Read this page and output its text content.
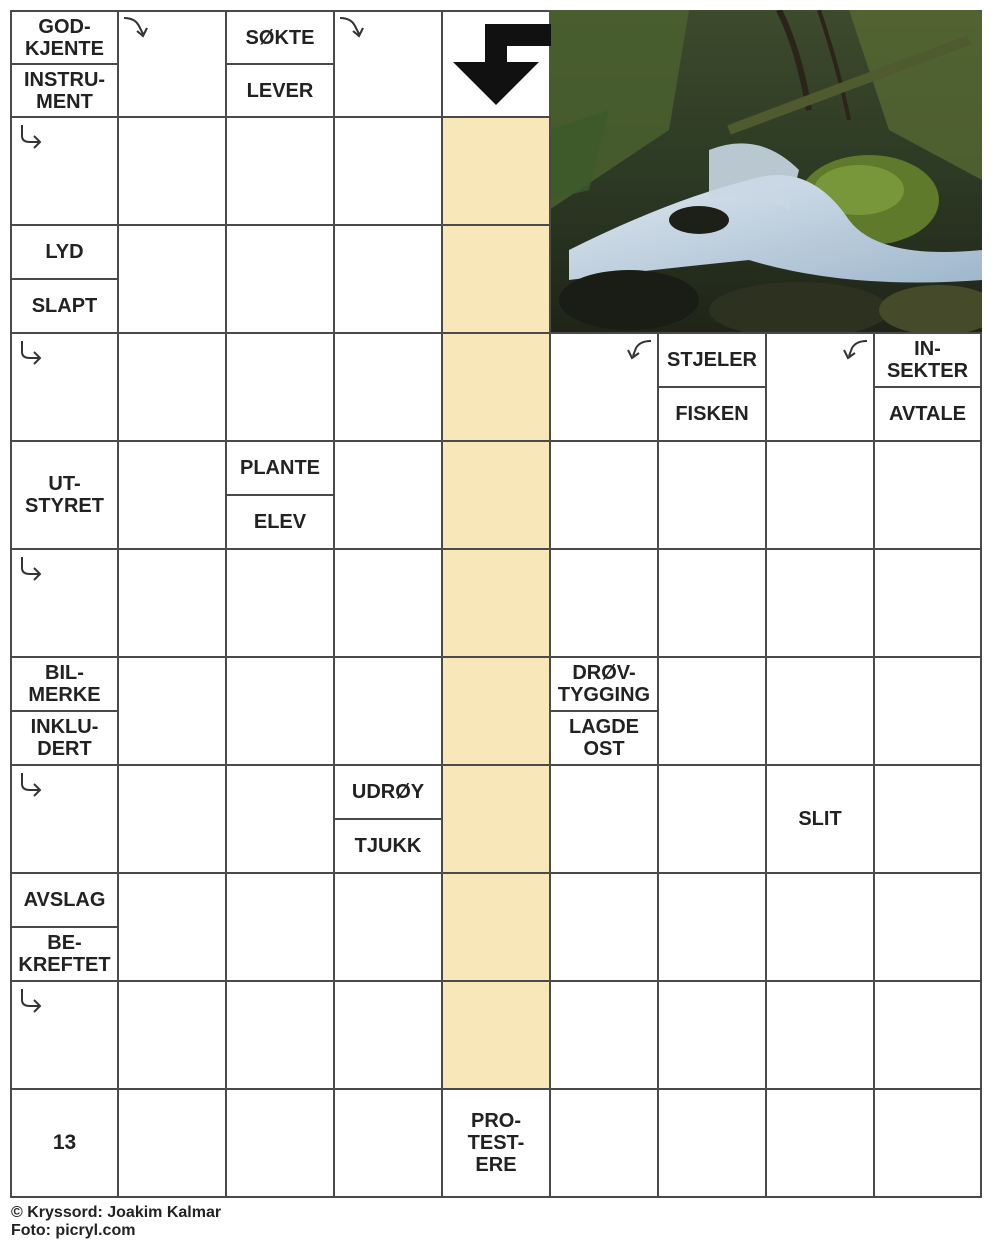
GOD-
KJENTE
INSTRU-
MENT
SØKTE
LEVER
LYD
SLAPT
STJELER
FISKEN
IN-
SEKTER
AVTALE
UT-
STYRET
PLANTE
ELEV
BIL-
MERKE
INKLU-
DERT
DRØV-
TYGGING
LAGDE
OST
UDRØY
TJUKK
SLIT
AVSLAG
BE-
KREFTET
13
PRO-
TEST-
ERE
© Kryssord: Joakim Kalmar
Foto: picryl.com
